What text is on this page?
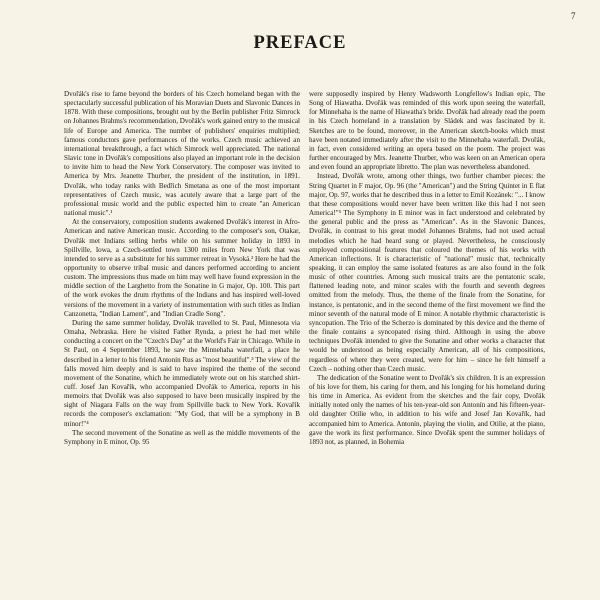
7
PREFACE

Dvořák's rise to fame beyond the borders of his Czech homeland began with the spectacularly successful publication of his Moravian Duets and Slavonic Dances in 1878. With these compositions, brought out by the Berlin publisher Fritz Simrock on Johannes Brahms's recommendation, Dvořák's work gained entry to the musical life of Europe and America. The number of publishers' enquiries multiplied; famous conductors gave performances of the works. Czech music achieved an international breakthrough, a fact which Simrock well appreciated. The national Slavic tone in Dvořák's compositions also played an important role in the decision to invite him to head the New York Conservatory. The composer was invited to America by Mrs. Jeanette Thurber, the president of the institution, in 1891. Dvořák, who today ranks with Bedřich Smetana as one of the most important representatives of Czech music, was acutely aware that a large part of the professional music world and the public expected him to create "an American national music".¹

At the conservatory, composition students awakened Dvořák's interest in Afro-American and native American music. According to the composer's son, Otakar, Dvořák met Indians selling herbs while on his summer holiday in 1893 in Spillville, Iowa, a Czech-settled town 1300 miles from New York that was intended to serve as a substitute for his summer retreat in Vysoká.² Here he had the opportunity to observe tribal music and dances performed according to ancient custom. The impressions thus made on him may well have found expression in the middle section of the Larghetto from the Sonatine in G major, Op. 100. This part of the work evokes the drum rhythms of the Indians and has inspired well-loved versions of the movement in a variety of instrumentation with such titles as Indian Canzonetta, "Indian Lament", and "Indian Cradle Song".

During the same summer holiday, Dvořák travelled to St. Paul, Minnesota via Omaha, Nebraska. Here he visited Father Rynda, a priest he had met while conducting a concert on the "Czech's Day" at the World's Fair in Chicago. While in St Paul, on 4 September 1893, he saw the Minnehaha waterfall, a place he described in a letter to his friend Antonín Rus as "most beautiful".³ The view of the falls moved him deeply and is said to have inspired the theme of the second movement of the Sonatine, which he immediately wrote out on his starched shirt-cuff. Josef Jan Kovařík, who accompanied Dvořák to America, reports in his memoirs that Dvořák was also supposed to have been musically inspired by the sight of Niagara Falls on the way from Spillville back to New York. Kovařík records the composer's exclamation: "My God, that will be a symphony in B minor!"⁴

The second movement of the Sonatine as well as the middle movements of the Symphony in E minor, Op. 95

were supposedly inspired by Henry Wadsworth Longfellow's Indian epic, The Song of Hiawatha. Dvořák was reminded of this work upon seeing the waterfall, for Minnehaha is the name of Hiawatha's bride. Dvořák had already read the poem in his Czech homeland in a translation by Sládek and was fascinated by it. Sketches are to be found, moreover, in the American sketch-books which must have been notated immediately after the visit to the Minnehaha waterfall. Dvořák, in fact, even considered writing an opera based on the poem. The project was further encouraged by Mrs. Jeanette Thurber, who was keen on an American opera and even found an appropriate libretto. The plan was nevertheless abandoned.

Instead, Dvořák wrote, among other things, two further chamber pieces: the String Quartet in F major, Op. 96 (the "American") and the String Quintet in E flat major, Op. 97, works that he described thus in a letter to Emil Kozánek: "... I know that these compositions would never have been written like this had I not seen America!"⁵ The Symphony in E minor was in fact understood and celebrated by the general public and the press as "American". As in the Slavonic Dances, Dvořák, in contrast to his great model Johannes Brahms, had not used actual melodies which he had heard sung or played. Nevertheless, he consciously employed compositional features that coloured the themes of his works with American inflections. It is characteristic of "national" music that, technically speaking, it can employ the same isolated features as are also found in the folk music of other countries. Among such musical traits are the pentatonic scale, flattened leading note, and minor scales with the fourth and seventh degrees omitted from the melody. Thus, the theme of the finale from the Sonatine, for instance, is pentatonic, and in the second theme of the first movement we find the minor seventh of the natural mode of E minor. A notable rhythmic characteristic is syncopation. The Trio of the Scherzo is dominated by this device and the theme of the finale contains a syncopated rising third. Although in using the above techniques Dvořák intended to give the Sonatine and other works a character that would be understood as being especially American, all of his compositions, regardless of where they were created, were for him – since he felt himself a Czech – nothing other than Czech music.

The dedication of the Sonatine went to Dvořák's six children. It is an expression of his love for them, his caring for them, and his longing for his homeland during his time in America. As evident from the sketches and the fair copy, Dvořák initially noted only the names of his ten-year-old son Antonín and his fifteen-year-old daughter Otilie who, in addition to his wife and Josef Jan Kovařík, had accompanied him to America. Antonín, playing the violin, and Otilie, at the piano, gave the work its first performance. Since Dvořák spent the summer holidays of 1893 not, as planned, in Bohemia
